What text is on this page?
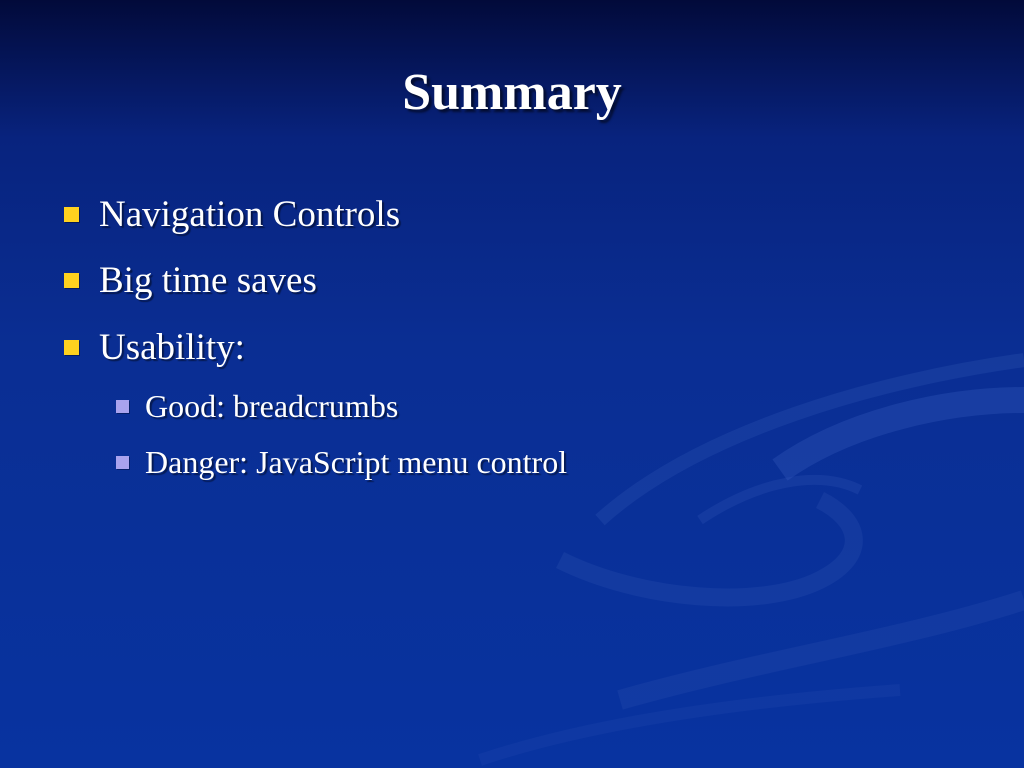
Summary
Navigation Controls
Big time saves
Usability:
Good: breadcrumbs
Danger: JavaScript menu control
